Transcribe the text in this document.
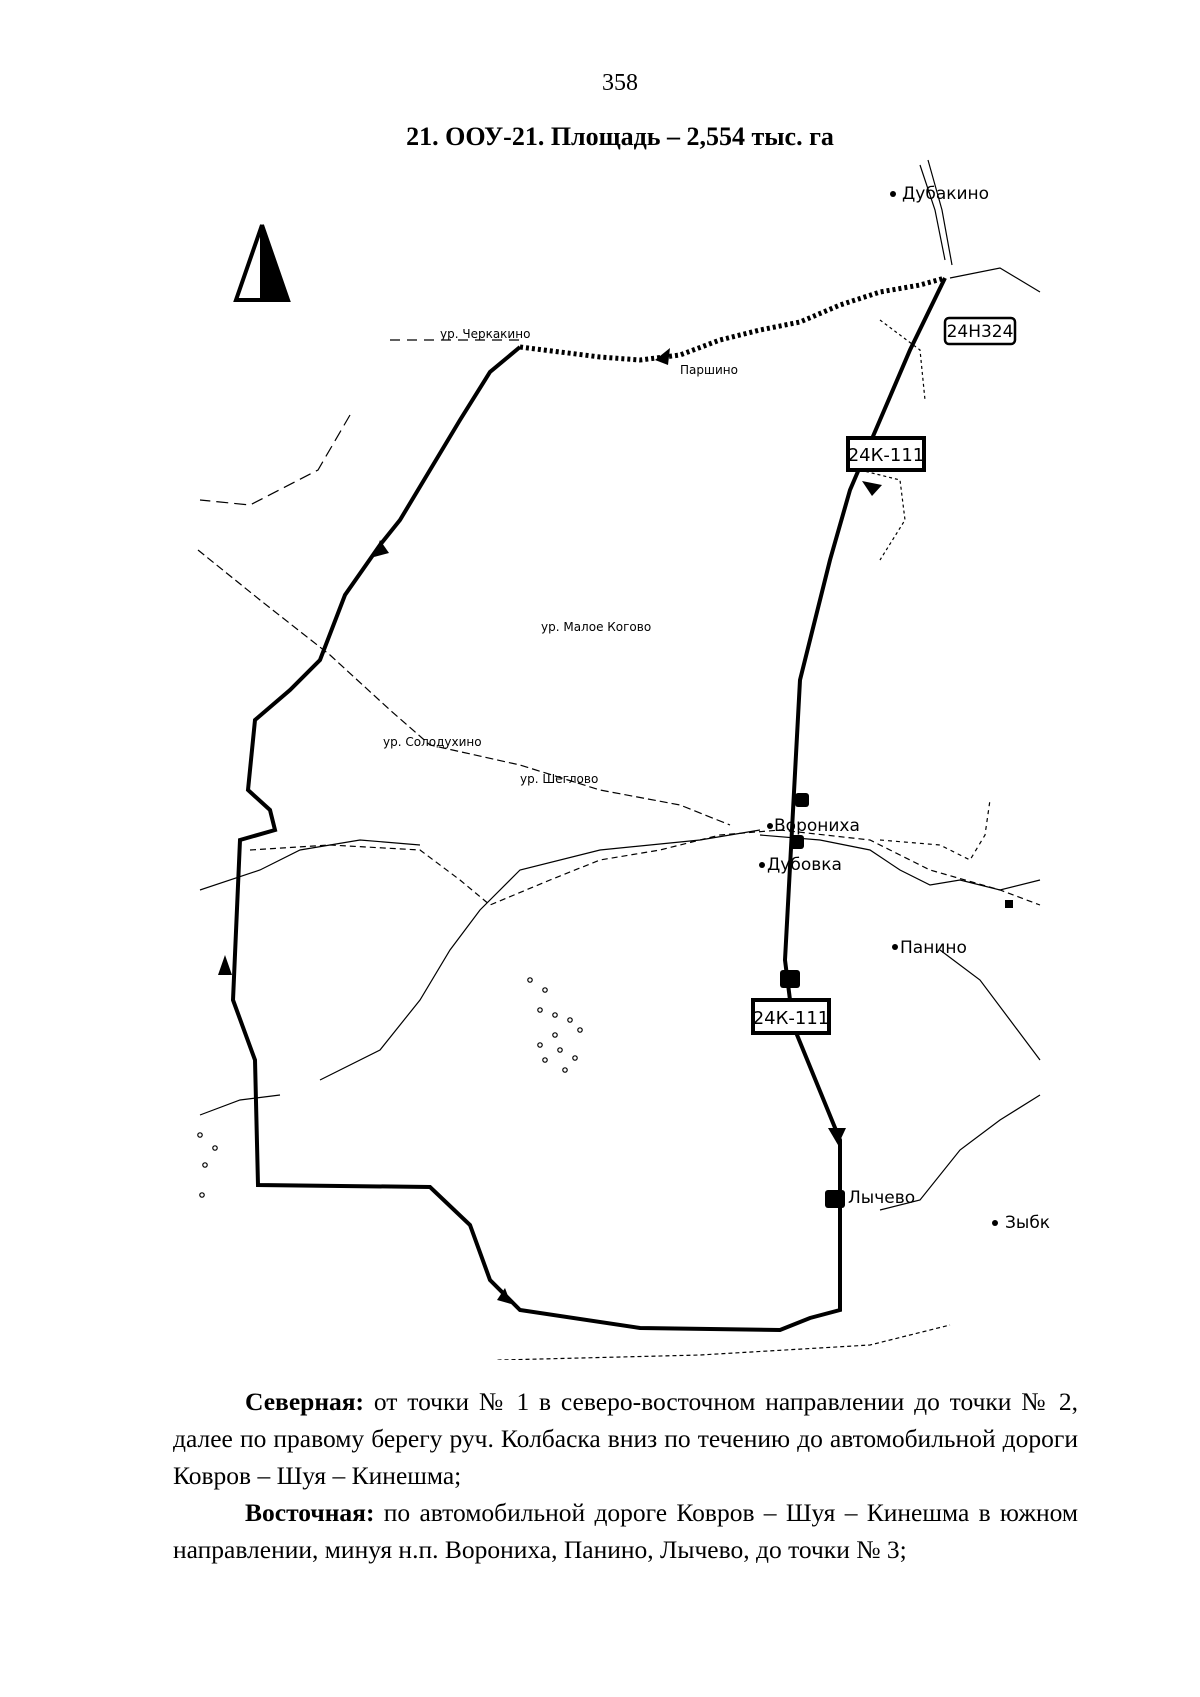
358
21. ООУ-21. Площадь – 2,554 тыс. га
24Н324
24К-111
24К-111
Дубакино
Паршино
ур. Черкакино
ур. Малое Когово
ур. Солодухино
ур. Шеглово
Ворониха
Дубовка
Панино
Лычево
Зыбк

Северная: от точки № 1 в северо-восточном направлении до точки № 2, далее по правому берегу руч. Колбаска вниз по течению до автомобильной дороги Ковров – Шуя – Кинешма;

Восточная: по автомобильной дороге Ковров – Шуя – Кинешма в южном направлении, минуя н.п. Ворониха, Панино, Лычево, до точки № 3;
